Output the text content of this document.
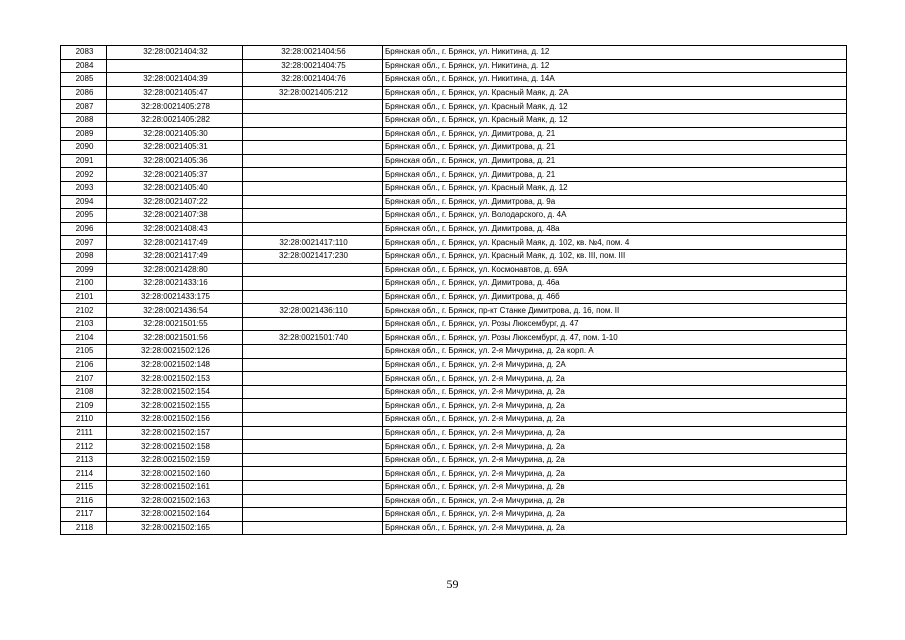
2083	32:28:0021404:32	32:28:0021404:56	Брянская обл., г. Брянск, ул. Никитина, д. 12
2084		32:28:0021404:75	Брянская обл., г. Брянск, ул. Никитина, д. 12
2085	32:28:0021404:39	32:28:0021404:76	Брянская обл., г. Брянск, ул. Никитина, д. 14А
2086	32:28:0021405:47	32:28:0021405:212	Брянская обл., г. Брянск, ул. Красный Маяк, д. 2А
2087	32:28:0021405:278		Брянская обл., г. Брянск, ул. Красный Маяк, д. 12
2088	32:28:0021405:282		Брянская обл., г. Брянск, ул. Красный Маяк, д. 12
2089	32:28:0021405:30		Брянская обл., г. Брянск, ул. Димитрова, д. 21
2090	32:28:0021405:31		Брянская обл., г. Брянск, ул. Димитрова, д. 21
2091	32:28:0021405:36		Брянская обл., г. Брянск, ул. Димитрова, д. 21
2092	32:28:0021405:37		Брянская обл., г. Брянск, ул. Димитрова, д. 21
2093	32:28:0021405:40		Брянская обл., г. Брянск, ул. Красный Маяк, д. 12
2094	32:28:0021407:22		Брянская обл., г. Брянск, ул. Димитрова, д. 9а
2095	32:28:0021407:38		Брянская обл., г. Брянск, ул. Володарского, д. 4А
2096	32:28:0021408:43		Брянская обл., г. Брянск, ул. Димитрова, д. 48а
2097	32:28:0021417:49	32:28:0021417:110	Брянская обл., г. Брянск, ул. Красный Маяк, д. 102, кв. №4, пом. 4
2098	32:28:0021417:49	32:28:0021417:230	Брянская обл., г. Брянск, ул. Красный Маяк, д. 102, кв. III, пом. III
2099	32:28:0021428:80		Брянская обл., г. Брянск, ул. Космонавтов, д. 69А
2100	32:28:0021433:16		Брянская обл., г. Брянск, ул. Димитрова, д. 46а
2101	32:28:0021433:175		Брянская обл., г. Брянск, ул. Димитрова, д. 46б
2102	32:28:0021436:54	32:28:0021436:110	Брянская обл., г. Брянск, пр-кт Станке Димитрова, д. 16, пом. II
2103	32:28:0021501:55		Брянская обл., г. Брянск, ул. Розы Люксембург, д. 47
2104	32:28:0021501:56	32:28:0021501:740	Брянская обл., г. Брянск, ул. Розы Люксембург, д. 47, пом. 1-10
2105	32:28:0021502:126		Брянская обл., г. Брянск, ул. 2-я Мичурина, д. 2а корп. А
2106	32:28:0021502:148		Брянская обл., г. Брянск, ул. 2-я Мичурина, д. 2А
2107	32:28:0021502:153		Брянская обл., г. Брянск, ул. 2-я Мичурина, д. 2а
2108	32:28:0021502:154		Брянская обл., г. Брянск, ул. 2-я Мичурина, д. 2а
2109	32:28:0021502:155		Брянская обл., г. Брянск, ул. 2-я Мичурина, д. 2а
2110	32:28:0021502:156		Брянская обл., г. Брянск, ул. 2-я Мичурина, д. 2а
2111	32:28:0021502:157		Брянская обл., г. Брянск, ул. 2-я Мичурина, д. 2а
2112	32:28:0021502:158		Брянская обл., г. Брянск, ул. 2-я Мичурина, д. 2а
2113	32:28:0021502:159		Брянская обл., г. Брянск, ул. 2-я Мичурина, д. 2а
2114	32:28:0021502:160		Брянская обл., г. Брянск, ул. 2-я Мичурина, д. 2а
2115	32:28:0021502:161		Брянская обл., г. Брянск, ул. 2-я Мичурина, д. 2в
2116	32:28:0021502:163		Брянская обл., г. Брянск, ул. 2-я Мичурина, д. 2в
2117	32:28:0021502:164		Брянская обл., г. Брянск, ул. 2-я Мичурина, д. 2а
2118	32:28:0021502:165		Брянская обл., г. Брянск, ул. 2-я Мичурина, д. 2а
59
